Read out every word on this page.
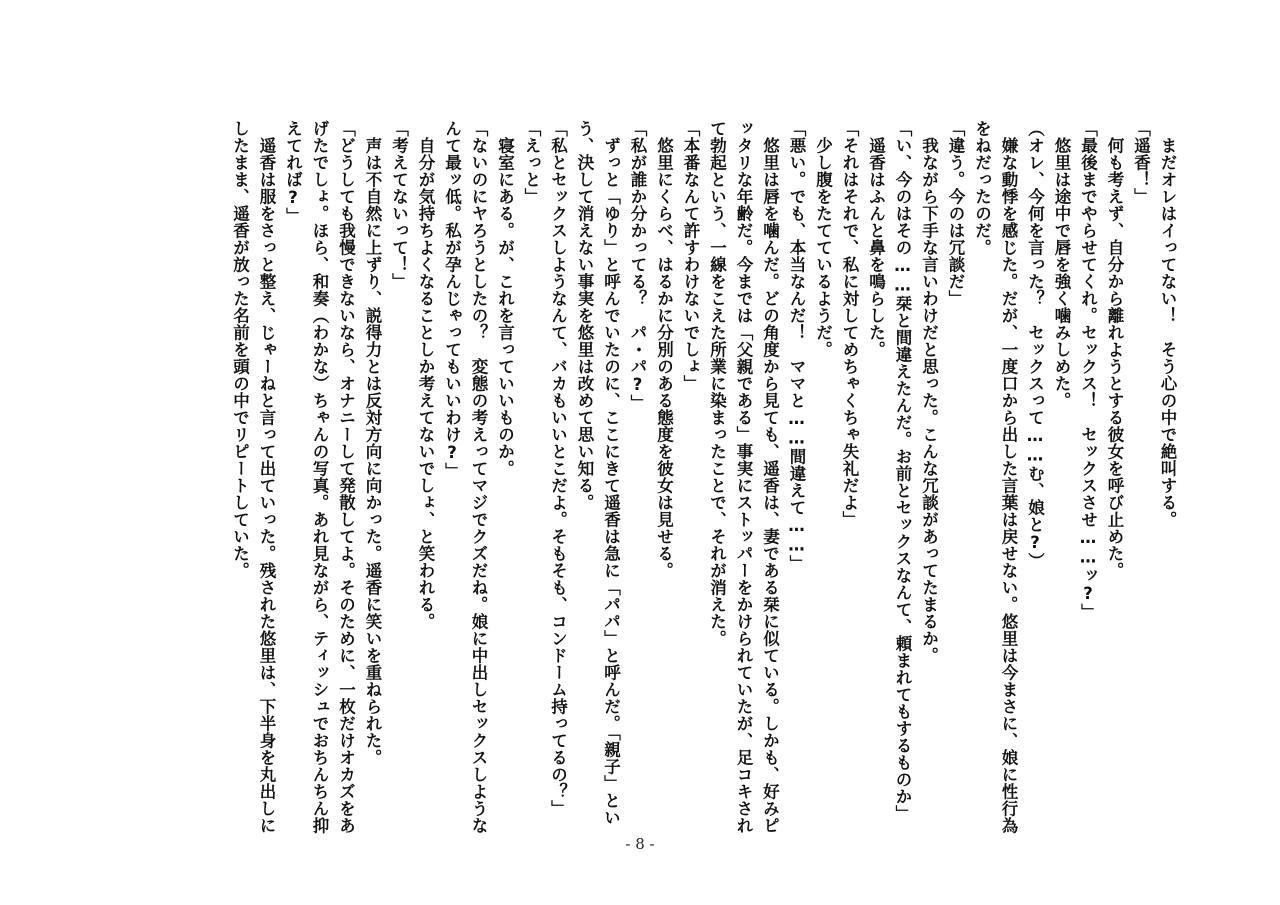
　まだオレはイってない！　そう心の中で絶叫する。

「遥香！」

　何も考えず、自分から離れようとする彼女を呼び止めた。

「最後までやらせてくれ。セックス！　セックスさせ……ッ?」

　悠里は途中で唇を強く噛みしめた。

（オレ、今何を言った？　セックスって……む、娘と?）

　嫌な動悸を感じた。だが、一度口から出した言葉は戻せない。悠里は今まさに、娘に性行為をねだったのだ。

「違う。今のは冗談だ」

　我ながら下手な言いわけだと思った。こんな冗談があってたまるか。

「い、今のはその……栞と間違えたんだ。お前とセックスなんて、頼まれてもするものか」

　遥香はふんと鼻を鳴らした。

「それはそれで、私に対してめちゃくちゃ失礼だよ」

　少し腹をたてているようだ。

「悪い。でも、本当なんだ！　ママと……間違えて……」

　悠里は唇を噛んだ。どの角度から見ても、遥香は、妻である栞に似ている。しかも、好みピッタリな年齢だ。今までは「父親である」事実にストッパーをかけられていたが、足コキされて勃起という、一線をこえた所業に染まったことで、それが消えた。

「本番なんて許すわけないでしょ」

　悠里にくらべ、はるかに分別のある態度を彼女は見せる。

「私が誰か分かってる？　パ・パ?」

　ずっと「ゆり」と呼んでいたのに、ここにきて遥香は急に「パパ」と呼んだ。「親子」という、決して消えない事実を悠里は改めて思い知る。

「私とセックスしようなんて、バカもいいとこだよ。そもそも、コンドーム持ってるの？」

「えっと」

　寝室にある。が、これを言っていいものか。

「ないのにヤろうとしたの？　変態の考えってマジでクズだね。娘に中出しセックスしようなんて最ッ低。私が孕んじゃってもいいわけ?」

　自分が気持ちよくなることしか考えてないでしょ、と笑われる。

「考えてないって！」

　声は不自然に上ずり、説得力とは反対方向に向かった。遥香に笑いを重ねられた。

「どうしても我慢できないなら、オナニーして発散してよ。そのために、一枚だけオカズをあげたでしょ。ほら、和奏（わかな）ちゃんの写真。あれ見ながら、ティッシュでおちんちん抑えてれば?」

　遥香は服をさっと整え、じゃーねと言って出ていった。残された悠里は、下半身を丸出しにしたまま、遥香が放った名前を頭の中でリピートしていた。

- 8 -
